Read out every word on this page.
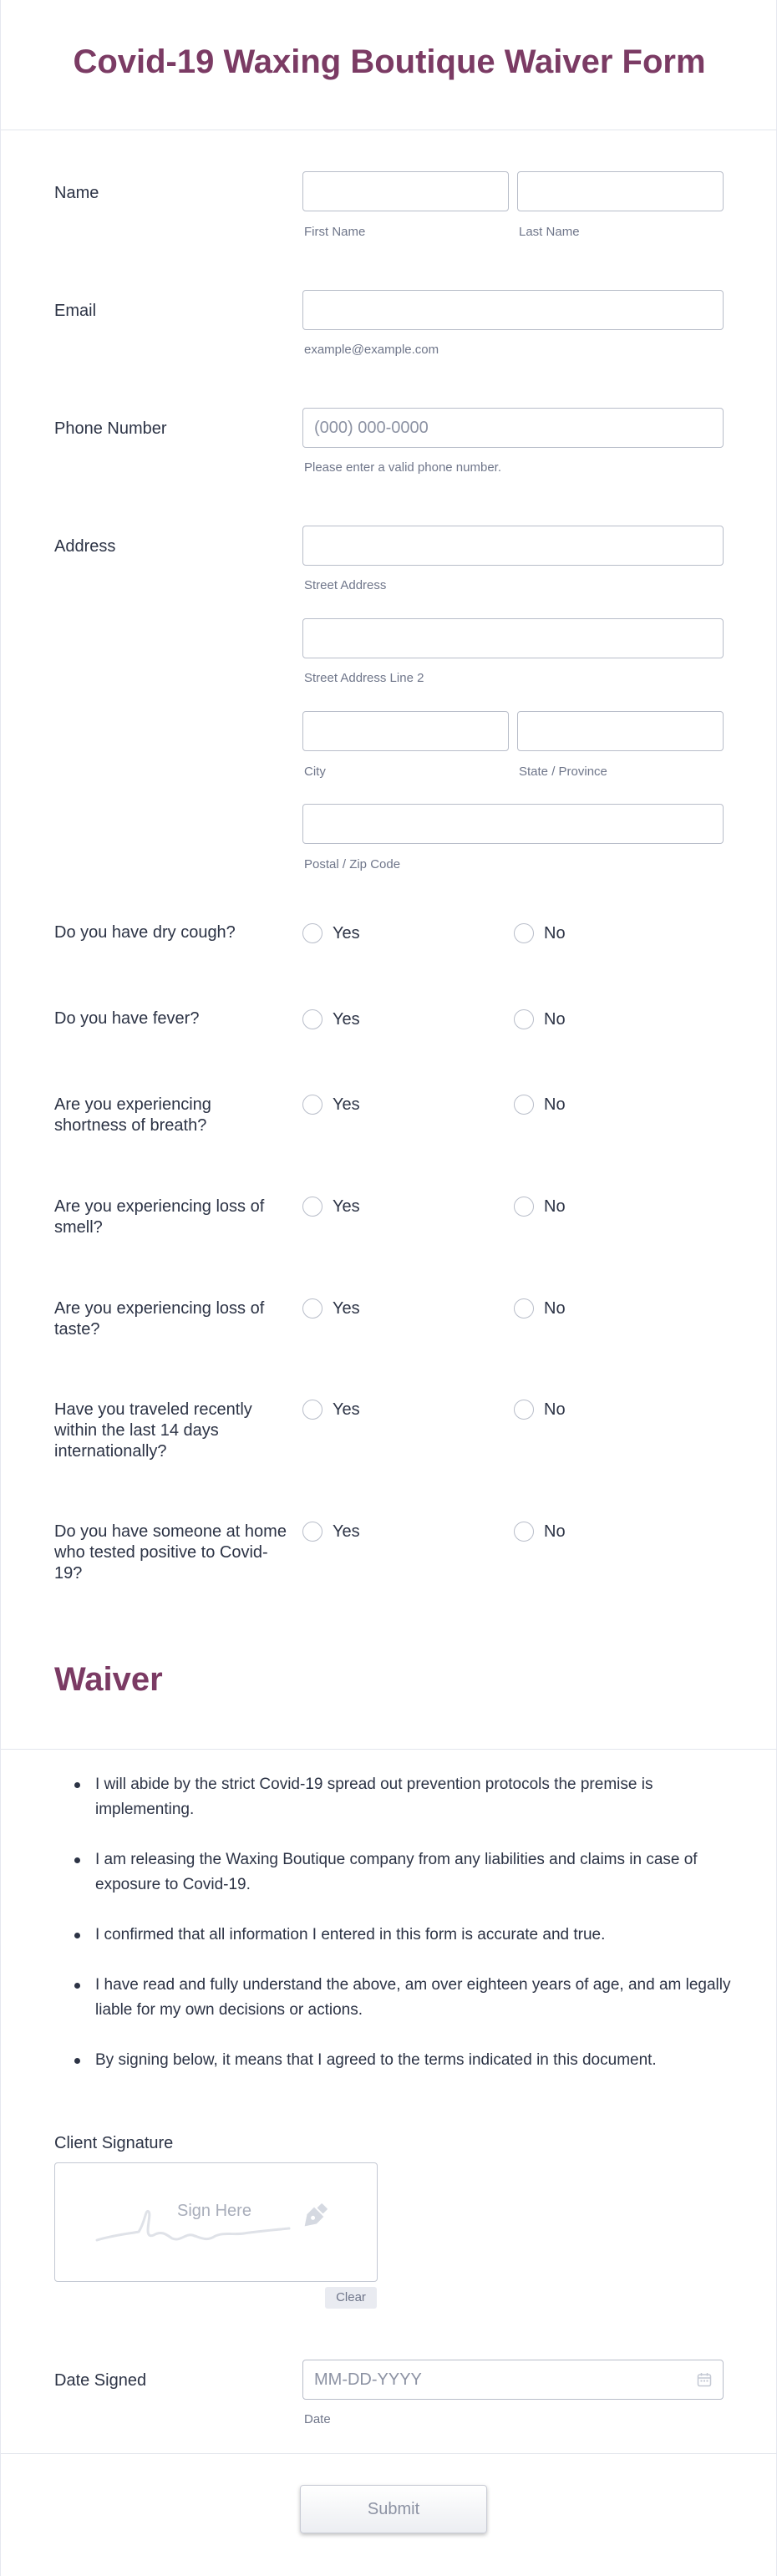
Covid-19 Waxing Boutique Waiver Form
Name
First Name	Last Name
Email
example@example.com
Phone Number	(000) 000-0000
Please enter a valid phone number.
Address
Street Address
Street Address Line 2
City	State / Province
Postal / Zip Code
Do you have dry cough?	Yes	No
Do you have fever?	Yes	No
Are you experiencing shortness of breath?
Yes	No
Are you experiencing loss of smell?
Yes	No
Are you experiencing loss of taste?
Yes	No
Have you traveled recently within the last 14 days internationally?
Yes	No
Do you have someone at home who tested positive to Covid-19?
Yes	No
Waiver
I will abide by the strict Covid-19 spread out prevention protocols the premise is implementing.
I am releasing the Waxing Boutique company from any liabilities and claims in case of exposure to Covid-19.
I confirmed that all information I entered in this form is accurate and true.
I have read and fully understand the above, am over eighteen years of age, and am legally liable for my own decisions or actions.
By signing below, it means that I agreed to the terms indicated in this document.
Client Signature
Sign Here
Clear
Date Signed	MM-DD-YYYY
Date
Submit
